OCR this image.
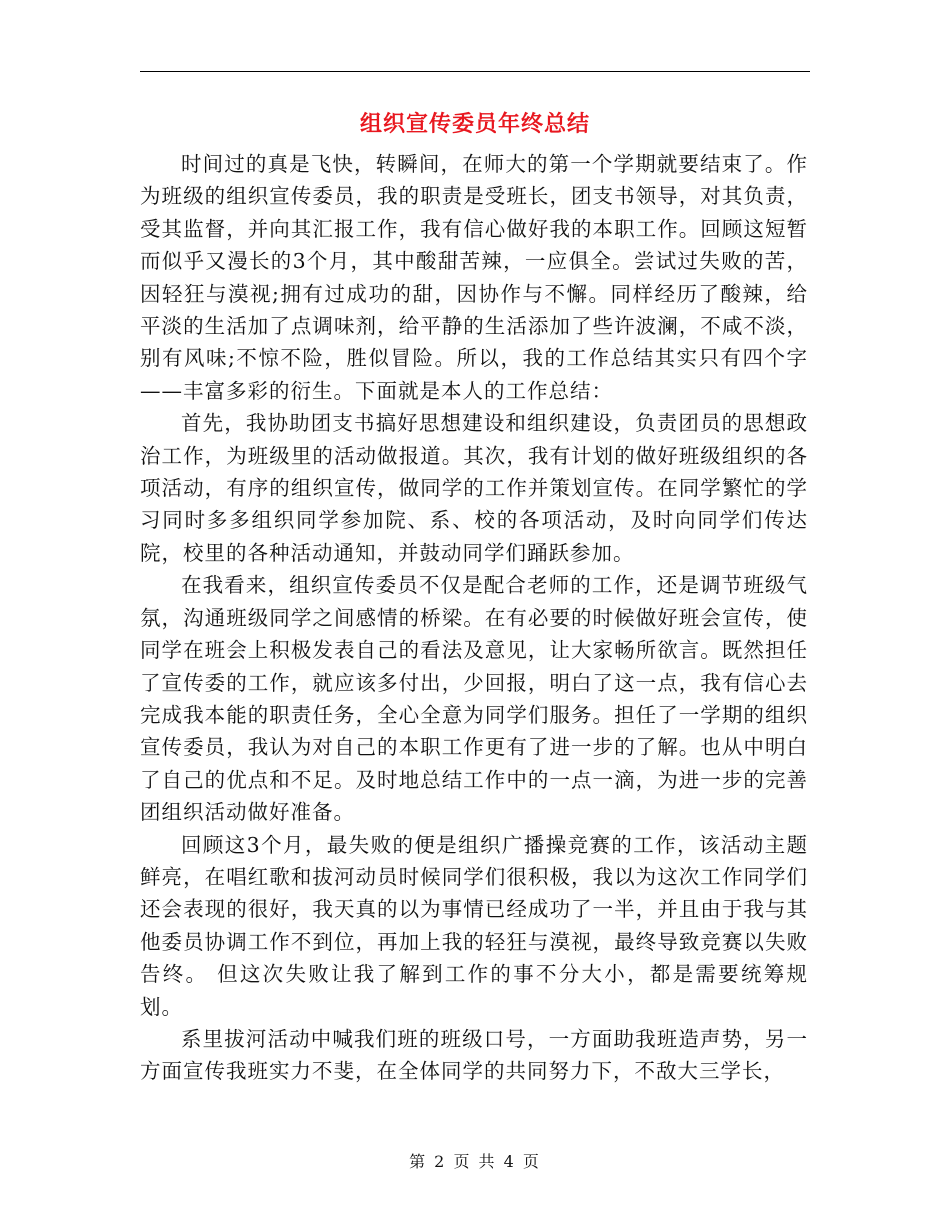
组织宣传委员年终总结

时间过的真是飞快，转瞬间，在师大的第一个学期就要结束了。作为班级的组织宣传委员，我的职责是受班长，团支书领导，对其负责，受其监督，并向其汇报工作，我有信心做好我的本职工作。回顾这短暂而似乎又漫长的3个月，其中酸甜苦辣，一应俱全。尝试过失败的苦，因轻狂与漠视;拥有过成功的甜，因协作与不懈。同样经历了酸辣，给平淡的生活加了点调味剂，给平静的生活添加了些许波澜，不咸不淡，别有风味;不惊不险，胜似冒险。所以，我的工作总结其实只有四个字——丰富多彩的衍生。下面就是本人的工作总结：

首先，我协助团支书搞好思想建设和组织建设，负责团员的思想政治工作，为班级里的活动做报道。其次，我有计划的做好班级组织的各项活动，有序的组织宣传，做同学的工作并策划宣传。在同学繁忙的学习同时多多组织同学参加院、系、校的各项活动，及时向同学们传达院，校里的各种活动通知，并鼓动同学们踊跃参加。

在我看来，组织宣传委员不仅是配合老师的工作，还是调节班级气氛，沟通班级同学之间感情的桥梁。在有必要的时候做好班会宣传，使同学在班会上积极发表自己的看法及意见，让大家畅所欲言。既然担任了宣传委的工作，就应该多付出，少回报，明白了这一点，我有信心去完成我本能的职责任务，全心全意为同学们服务。担任了一学期的组织宣传委员，我认为对自己的本职工作更有了进一步的了解。也从中明白了自己的优点和不足。及时地总结工作中的一点一滴，为进一步的完善团组织活动做好准备。

回顾这3个月，最失败的便是组织广播操竞赛的工作，该活动主题鲜亮，在唱红歌和拔河动员时候同学们很积极，我以为这次工作同学们还会表现的很好，我天真的以为事情已经成功了一半，并且由于我与其他委员协调工作不到位，再加上我的轻狂与漠视，最终导致竞赛以失败告终。 但这次失败让我了解到工作的事不分大小，都是需要统筹规划。

系里拔河活动中喊我们班的班级口号，一方面助我班造声势，另一方面宣传我班实力不斐，在全体同学的共同努力下，不敌大三学长，

第 2 页 共 4 页
